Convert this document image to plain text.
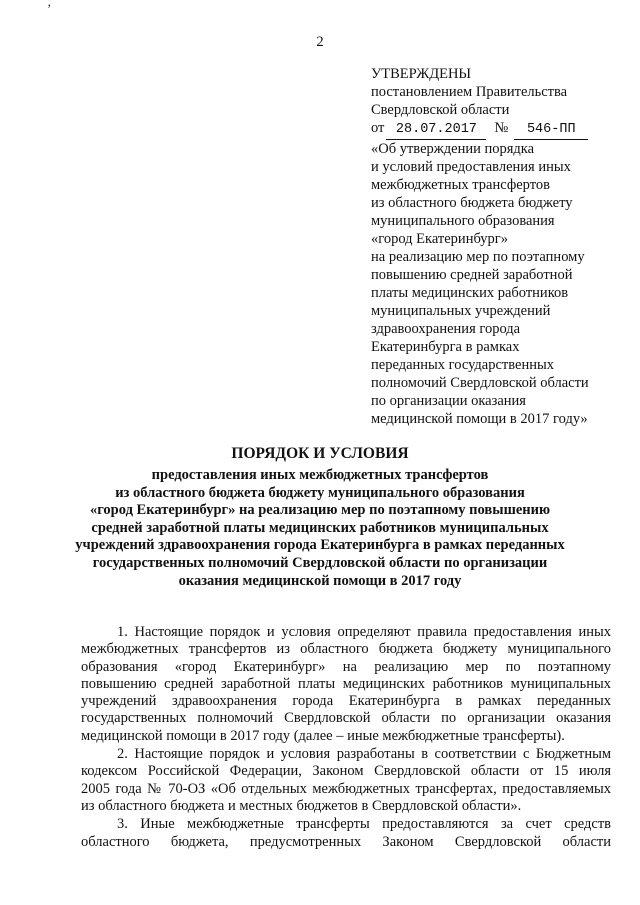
’
2
УТВЕРЖДЕНЫ
постановлением Правительства
Свердловской области
от 28.07.2017 № 546-ПП
«Об утверждении порядка
и условий предоставления иных
межбюджетных трансфертов
из областного бюджета бюджету
муниципального образования
«город Екатеринбург»
на реализацию мер по поэтапному
повышению средней заработной
платы медицинских работников
муниципальных учреждений
здравоохранения города
Екатеринбурга в рамках
переданных государственных
полномочий Свердловской области
по организации оказания
медицинской помощи в 2017 году»
ПОРЯДОК И УСЛОВИЯ
предоставления иных межбюджетных трансфертов
из областного бюджета бюджету муниципального образования
«город Екатеринбург» на реализацию мер по поэтапному повышению
средней заработной платы медицинских работников муниципальных
учреждений здравоохранения города Екатеринбурга в рамках переданных
государственных полномочий Свердловской области по организации
оказания медицинской помощи в 2017 году
1. Настоящие порядок и условия определяют правила предоставления иных
межбюджетных трансфертов из областного бюджета бюджету муниципального
образования «город Екатеринбург» на реализацию мер по поэтапному
повышению средней заработной платы медицинских работников муниципальных
учреждений здравоохранения города Екатеринбурга в рамках переданных
государственных полномочий Свердловской области по организации оказания
медицинской помощи в 2017 году (далее – иные межбюджетные трансферты).
2. Настоящие порядок и условия разработаны в соответствии с Бюджетным
кодексом Российской Федерации, Законом Свердловской области от 15 июля
2005 года № 70-ОЗ «Об отдельных межбюджетных трансфертах, предоставляемых
из областного бюджета и местных бюджетов в Свердловской области».
3. Иные межбюджетные трансферты предоставляются за счет средств
областного бюджета, предусмотренных Законом Свердловской области
